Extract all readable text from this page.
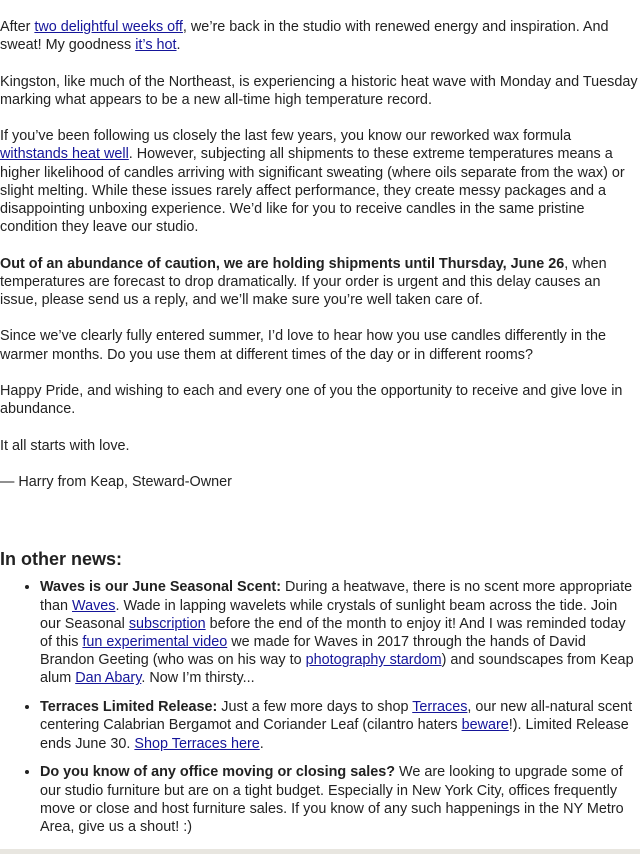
After two delightful weeks off, we’re back in the studio with renewed energy and inspiration. And sweat! My goodness it’s hot.

Kingston, like much of the Northeast, is experiencing a historic heat wave with Monday and Tuesday marking what appears to be a new all-time high temperature record.

If you’ve been following us closely the last few years, you know our reworked wax formula withstands heat well. However, subjecting all shipments to these extreme temperatures means a higher likelihood of candles arriving with significant sweating (where oils separate from the wax) or slight melting. While these issues rarely affect performance, they create messy packages and a disappointing unboxing experience. We’d like for you to receive candles in the same pristine condition they leave our studio.

Out of an abundance of caution, we are holding shipments until Thursday, June 26, when temperatures are forecast to drop dramatically. If your order is urgent and this delay causes an issue, please send us a reply, and we’ll make sure you’re well taken care of.

Since we’ve clearly fully entered summer, I’d love to hear how you use candles differently in the warmer months. Do you use them at different times of the day or in different rooms?

Happy Pride, and wishing to each and every one of you the opportunity to receive and give love in abundance.

It all starts with love.

— Harry from Keap, Steward-Owner

In other news:
• Waves is our June Seasonal Scent: During a heatwave, there is no scent more appropriate than Waves. Wade in lapping wavelets while crystals of sunlight beam across the tide. Join our Seasonal subscription before the end of the month to enjoy it! And I was reminded today of this fun experimental video we made for Waves in 2017 through the hands of David Brandon Geeting (who was on his way to photography stardom) and soundscapes from Keap alum Dan Abary. Now I’m thirsty...
• Terraces Limited Release: Just a few more days to shop Terraces, our new all-natural scent centering Calabrian Bergamot and Coriander Leaf (cilantro haters beware!). Limited Release ends June 30. Shop Terraces here.
• Do you know of any office moving or closing sales? We are looking to upgrade some of our studio furniture but are on a tight budget. Especially in New York City, offices frequently move or close and host furniture sales. If you know of any such happenings in the NY Metro Area, give us a shout! :)
